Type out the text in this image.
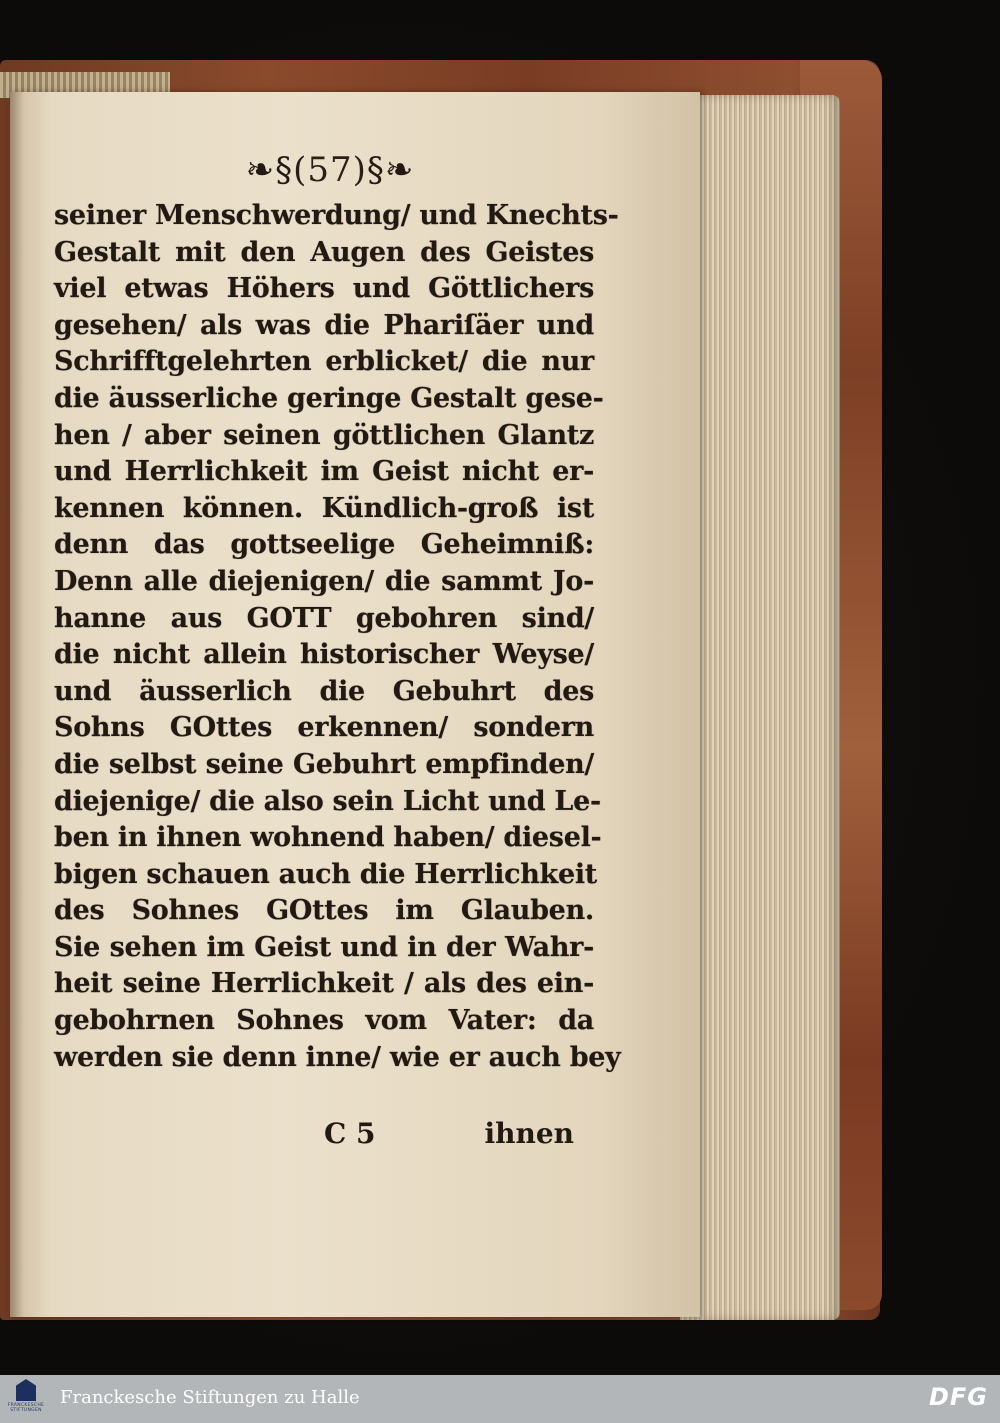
❧§(57)§❧
seiner Menschwerdung/ und Knechts-
Gestalt mit den Augen des Geistes
viel etwas Höhers und Göttlichers
gesehen/ als was die Phariſäer und
Schrifftgelehrten erblicket/ die nur
die äusserliche geringe Gestalt gese-
hen / aber seinen göttlichen Glantz
und Herrlichkeit im Geist nicht er-
kennen können. Kündlich-groß ist
denn das gottseelige Geheimniß:
Denn alle diejenigen/ die sammt Jo-
hanne aus GOTT gebohren sind/
die nicht allein historischer Weyse/
und äusserlich die Gebuhrt des
Sohns GOttes erkennen/ sondern
die selbst seine Gebuhrt empfinden/
diejenige/ die also sein Licht und Le-
ben in ihnen wohnend haben/ diesel-
bigen schauen auch die Herrlichkeit
des Sohnes GOttes im Glauben.
Sie sehen im Geist und in der Wahr-
heit seine Herrlichkeit / als des ein-
gebohrnen Sohnes vom Vater: da
werden sie denn inne/ wie er auch bey
C 5	ihnen
FRANCKESCHE STIFTUNGEN
Franckesche Stiftungen zu Halle	DFG
